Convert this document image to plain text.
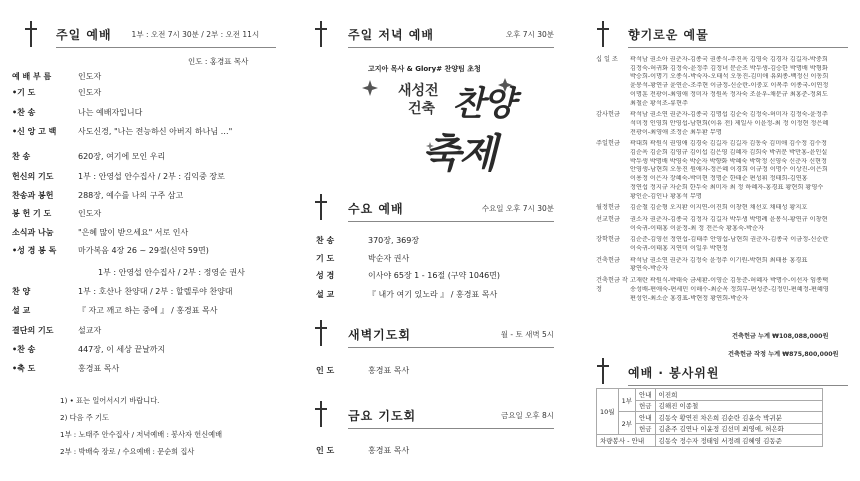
주일 예배	1부 : 오전 7시 30분 / 2부 : 오전 11시
인도 : 홍경표 목사
예 배 부 름	인도자
•기 도	인도자
•찬 송	나는 예배자입니다
•신 앙 고 백	사도신경, "나는 전능하신 아버지 하나님 …"
찬 송	620장, 여기에 모인 우리
헌신의 기도	1부 : 안영섭 안수집사 / 2부 : 김익중 장로
찬송과 봉헌	288장, 예수를 나의 구주 삼고
봉 헌 기 도	인도자
소식과 나눔	"은혜 많이 받으세요" 서로 인사
•성 경 봉 독	마가복음 4장 26 ~ 29절(신약 59면)
1부 : 안영섭 안수집사 / 2부 : 정영순 권사
찬 양	1부 : 호산나 찬양대 / 2부 : 할렐루야 찬양대
설 교	『 자고 깨고 하는 중에 』 / 홍경표 목사
결단의 기도	설교자
•찬 송	447장, 이 세상 끝날까지
•축 도	홍경표 목사
1) • 표는 일어서시기 바랍니다.
2) 다음 주 기도
1부 : 노태주 안수집사 / 저녁예배 : 봉사자 헌신예배
2부 : 박배숙 장로 / 수요예배 : 문순희 집사
주일 저녁 예배	오후 7시 30분
고지아 목사 & Glory# 찬양팀 초청
새성전
건축 찬양
축제
수요 예배	수요일 오후 7시 30분
찬 송	370장, 369장
기 도	박순자 권사
성 경	이사야 65장 1 - 16절 (구약 1046면)
설 교	『 내가 여기 있노라 』 / 홍경표 목사
새벽기도회	월 - 토 새벽 5시
인 도	홍경표 목사
금요 기도회	금요일 오후 8시
인 도	홍경표 목사
향기로운 예물
십 일 조	곽석남 권소아 권춘자-김종국 권종식-주진옥 김영숙 김경자 김길자-박중희
김정숙-허귀화 김정숙-윤정주 김정녀 문순조 박두생-김승한 박명배 박형화
박승희-이명기 오종식-박숙자-오태석 오동진-김미애 유외종-백정신 이동희
윤봉석-황연규 윤연순-조주현 이금정-신순란-이중호 이복주 이종국-이연정
이명훈 전광이-최영애 정미자 정원옥 정자숙 조윤우-채문규 최홍준-정외도
최철순 황석조-류현주
감사헌금	곽석남 권소연 권춘자-김종국 김명섭 김순숙 김정숙-허미자 김정숙-윤정주
석미정 인영희 안영섭-남현희(이유 전) 제일사 이윤정-최 정 이정현 정은혜
전광이-최영애 조정순 최두환 무명
주일헌금	곽대희 곽원식 권영애 김경숙 김길자 김길자 김동숙 김미애 김수정 김수정
김순옥 김순희 김영규 김이섭 김은영 김혜자 김희숙 박귀분 박만홍-윤인실
박두생 박명배 박영숙 박순자 박향화 박혜숙 박학정 신영숙 신춘자 신현정
안영생-남현희 오동진 원애자-정은혜 이경희 이규정 이명수 이상진-이은희
이용정 이은자 장혜숙-박미현 정명순 한태순 편성휘 정태희-김연홍
정연섭 정지규 자순희 한두숙 최미자 최 정 하혜자-홍경표 황현희 황영수
황인순-김인나 황홍석 무명
월정헌금	김순철 김순형 오지환 이지연-이진희 이창현 채선호 채태성 황지호
선교헌금	권소자 권춘자-김종국 김정자 김길자 박두생 박명례 윤봉식-황연규 이창현
이숙귀-이태홍 이윤정-최 정 전은숙 황홍숙-박순자
장학헌금	김순준-김영선 정연섭-김태주 안영섭-남현희 권춘자-김종국 이금정-신순란
이숙귀-이태홍 지연미 이일우 박현정
건축헌금	곽석남 권소연 권춘자 김정숙 윤정주 이기원-박현희 최태용 홍경표
황연숙-박순자
건축헌금 작정
고재란 곽원식-박태숙 금세환-이영순 김동준-허혜자 박명수-이선자 임종택
송성배-편애숙-편세민 이해수-최순옥 정희부-편성준-김정민-편혜정-편혜영
편성인-최소순 홍경표-박현정 황연희-박순자
건축헌금 누계 ₩108,088,000원
건축헌금 작정 누계 ₩875,800,000원
예배 · 봉사위원
10월	1부	안내	이진희
		헌금	김해진 이종철
	2부	안내	김동숙 황연진 차은희 김순란 김윤숙 박귀분
		헌금	김춘주 김연나 이윤정 김선미 최영애, 허은화
차량봉사 - 안내			김동숙 정수자 정태임 서정례 김혜영 김동준
